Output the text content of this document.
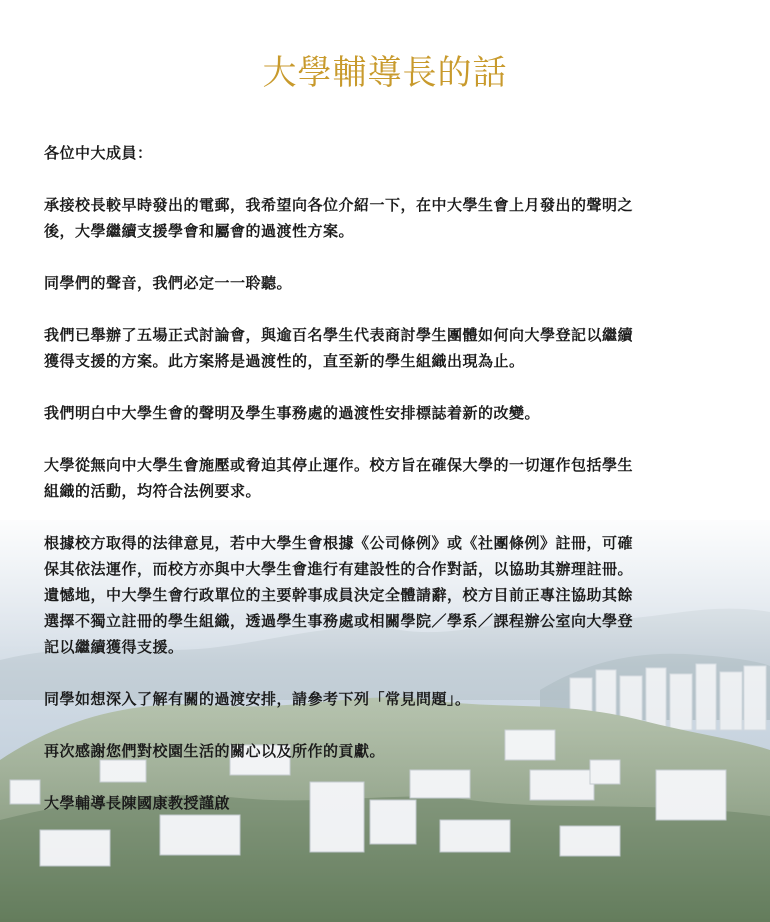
大學輔導長的話

各位中大成員：

承接校長較早時發出的電郵，我希望向各位介紹一下，在中大學生會上月發出的聲明之
後，大學繼續支援學會和屬會的過渡性方案。

同學們的聲音，我們必定一一聆聽。

我們已舉辦了五場正式討論會，與逾百名學生代表商討學生團體如何向大學登記以繼續
獲得支援的方案。此方案將是過渡性的，直至新的學生組織出現為止。

我們明白中大學生會的聲明及學生事務處的過渡性安排標誌着新的改變。

大學從無向中大學生會施壓或脅迫其停止運作。校方旨在確保大學的一切運作包括學生
組織的活動，均符合法例要求。

根據校方取得的法律意見，若中大學生會根據《公司條例》或《社團條例》註冊，可確
保其依法運作，而校方亦與中大學生會進行有建設性的合作對話，以協助其辦理註冊。
遺憾地，中大學生會行政單位的主要幹事成員決定全體請辭，校方目前正專注協助其餘
選擇不獨立註冊的學生組織，透過學生事務處或相關學院／學系／課程辦公室向大學登
記以繼續獲得支援。

同學如想深入了解有關的過渡安排，請參考下列「常見問題」。

再次感謝您們對校園生活的關心以及所作的貢獻。

大學輔導長陳國康教授謹啟
